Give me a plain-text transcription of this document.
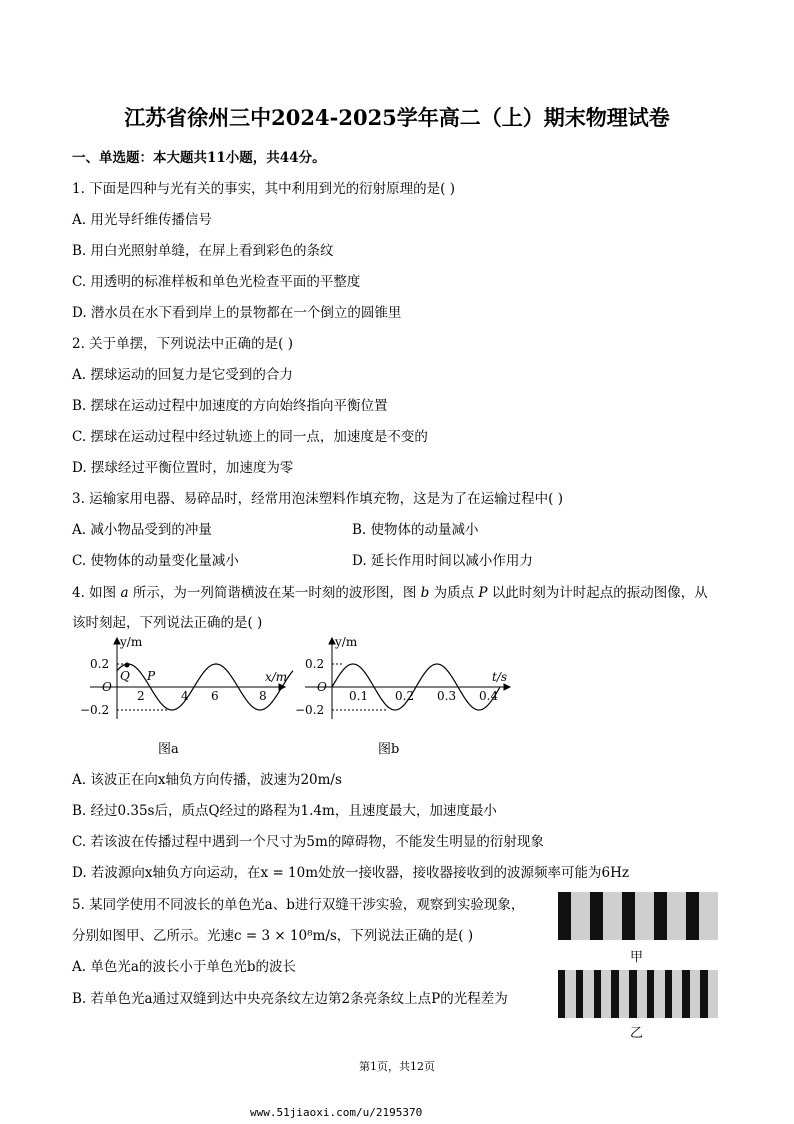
江苏省徐州三中2024-2025学年高二（上）期末物理试卷

一、单选题：本大题共11小题，共44分。

1. 下面是四种与光有关的事实，其中利用到光的衍射原理的是( )

A. 用光导纤维传播信号

B. 用白光照射单缝，在屏上看到彩色的条纹

C. 用透明的标准样板和单色光检查平面的平整度

D. 潜水员在水下看到岸上的景物都在一个倒立的圆锥里

2. 关于单摆，下列说法中正确的是( )

A. 摆球运动的回复力是它受到的合力

B. 摆球在运动过程中加速度的方向始终指向平衡位置

C. 摆球在运动过程中经过轨迹上的同一点，加速度是不变的

D. 摆球经过平衡位置时，加速度为零

3. 运输家用电器、易碎品时，经常用泡沫塑料作填充物，这是为了在运输过程中( )

A. 减小物品受到的冲量	B. 使物体的动量减小

C. 使物体的动量变化量减小	D. 延长作用时间以减小作用力

4. 如图 a 所示，为一列简谐横波在某一时刻的波形图，图 b 为质点 P 以此时刻为计时起点的振动图像，从

该时刻起，下列说法正确的是( )

y/m
x/m
0.2
−0.2
O
Q P
2	4 6	8

图a

y/m
t/s
0.2
−0.2
O
0.1 0.2 0.3 0.4

图b

A. 该波正在向x轴负方向传播，波速为20m/s

B. 经过0.35s后，质点Q经过的路程为1.4m，且速度最大，加速度最小

C. 若该波在传播过程中遇到一个尺寸为5m的障碍物，不能发生明显的衍射现象

D. 若波源向x轴负方向运动，在x = 10m处放一接收器，接收器接收到的波源频率可能为6Hz

5. 某同学使用不同波长的单色光a、b进行双缝干涉实验，观察到实验现象，

分别如图甲、乙所示。光速c = 3 × 10⁸m/s，下列说法正确的是( )

A. 单色光a的波长小于单色光b的波长

B. 若单色光a通过双缝到达中央亮条纹左边第2条亮条纹上点P的光程差为

甲

乙

第1页，共12页

www.51jiaoxi.com/u/2195370
